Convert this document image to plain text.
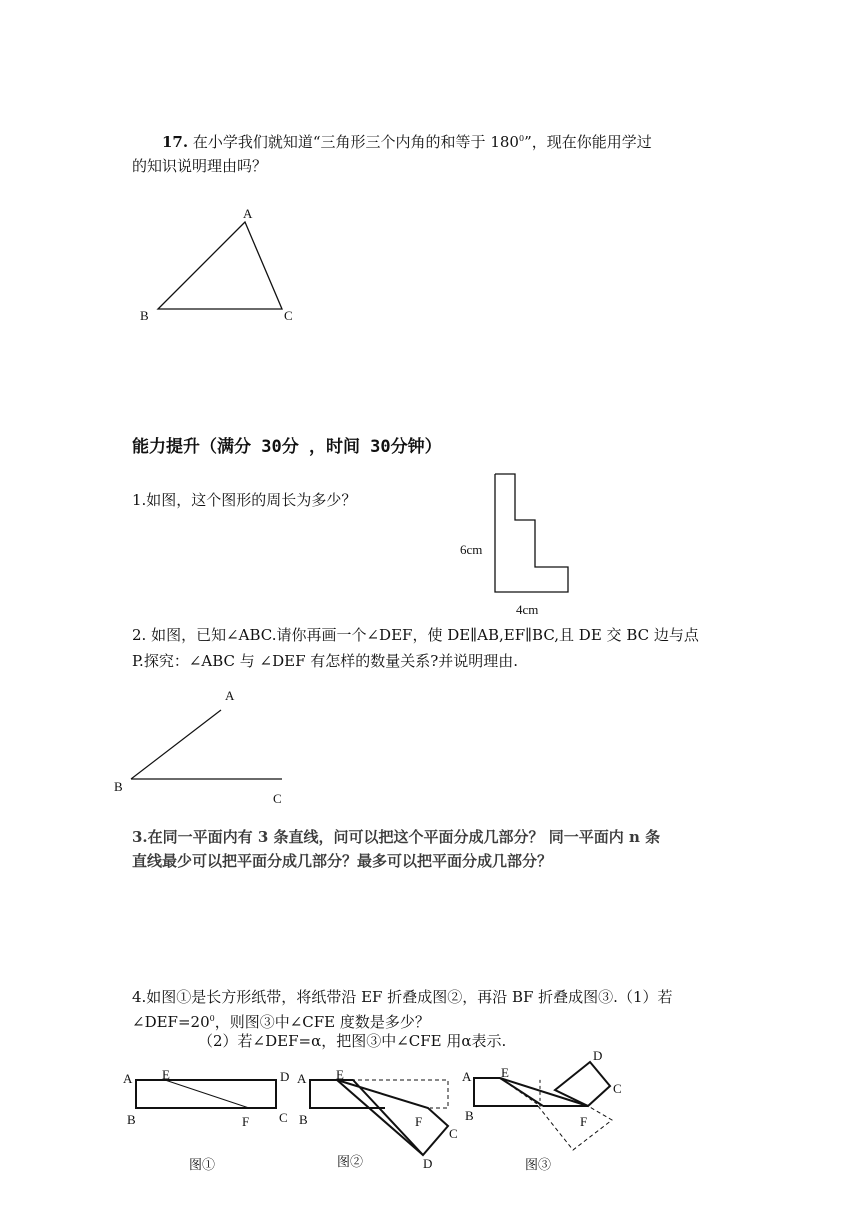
17. 在小学我们就知道“三角形三个内角的和等于 $180^0$”，现在你能用学过
的知识说明理由吗？
A
B	C
6cm
4cm
A
B
C
A E	D
B	F C
A E
B	F
C
D
A E
D
C
B	F
能力提升（满分 30分 ，时间 30分钟）
1.如图，这个图形的周长为多少？
2. 如图，已知∠ABC.请你再画一个∠DEF，使 DE∥AB,EF∥BC,且 DE 交 BC 边与点
P.探究：∠ABC 与 ∠DEF 有怎样的数量关系?并说明理由.
3.在同一平面内有 3 条直线，问可以把这个平面分成几部分？ 同一平面内 n 条
直线最少可以把平面分成几部分？最多可以把平面分成几部分？
4.如图①是长方形纸带，将纸带沿 EF 折叠成图②，再沿 BF 折叠成图③.（1）若
$\angle DEF=20^0$，则图③中∠CFE 度数是多少？
（2）若∠DEF=α，把图③中∠CFE 用α表示.
图①	图②	图③
